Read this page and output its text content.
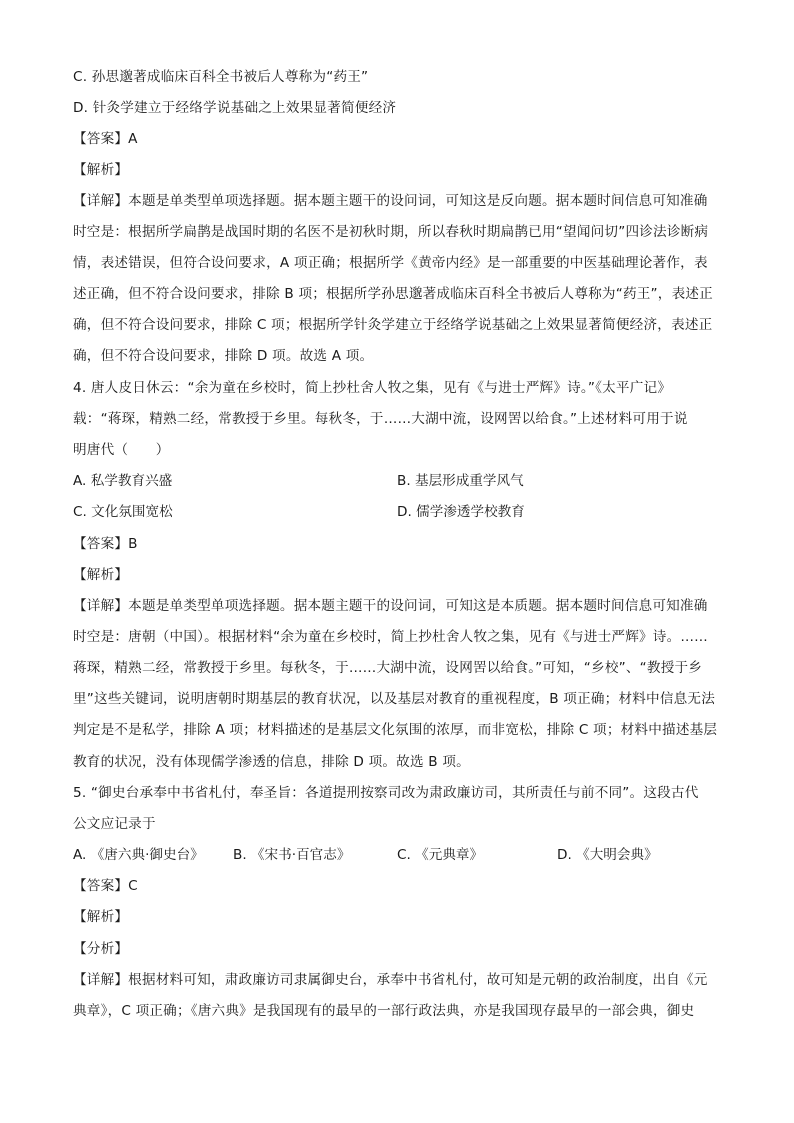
C. 孙思邈著成临床百科全书被后人尊称为“药王”
D. 针灸学建立于经络学说基础之上效果显著简便经济
【答案】A
【解析】
【详解】本题是单类型单项选择题。据本题主题干的设问词，可知这是反向题。据本题时间信息可知准确
时空是：根据所学扁鹊是战国时期的名医不是初秋时期，所以春秋时期扁鹊已用“望闻问切”四诊法诊断病
情，表述错误，但符合设问要求，A 项正确；根据所学《黄帝内经》是一部重要的中医基础理论著作，表
述正确，但不符合设问要求，排除 B 项；根据所学孙思邈著成临床百科全书被后人尊称为“药王”，表述正
确，但不符合设问要求，排除 C 项；根据所学针灸学建立于经络学说基础之上效果显著简便经济，表述正
确，但不符合设问要求，排除 D 项。故选 A 项。
4. 唐人皮日休云：“余为童在乡校时，简上抄杜舍人牧之集，见有《与进士严辉》诗。”《太平广记》
载：“蒋琛，精熟二经，常教授于乡里。每秋冬，于……大湖中流，设网罟以给食。”上述材料可用于说
明唐代（　　）
A. 私学教育兴盛	B. 基层形成重学风气
C. 文化氛围宽松	D. 儒学渗透学校教育
【答案】B
【解析】
【详解】本题是单类型单项选择题。据本题主题干的设问词，可知这是本质题。据本题时间信息可知准确
时空是：唐朝（中国）。根据材料“余为童在乡校时，简上抄杜舍人牧之集，见有《与进士严辉》诗。……
蒋琛，精熟二经，常教授于乡里。每秋冬，于……大湖中流，设网罟以给食。”可知，“乡校”、“教授于乡
里”这些关键词，说明唐朝时期基层的教育状况，以及基层对教育的重视程度，B 项正确；材料中信息无法
判定是不是私学，排除 A 项；材料描述的是基层文化氛围的浓厚，而非宽松，排除 C 项；材料中描述基层
教育的状况，没有体现儒学渗透的信息，排除 D 项。故选 B 项。
5. “御史台承奉中书省札付，奉圣旨：各道提刑按察司改为肃政廉访司，其所责任与前不同”。这段古代
公文应记录于
A. 《唐六典·御史台》 B. 《宋书·百官志》	C. 《元典章》	D. 《大明会典》
【答案】C
【解析】
【分析】
【详解】根据材料可知，肃政廉访司隶属御史台，承奉中书省札付，故可知是元朝的政治制度，出自《元
典章》，C 项正确；《唐六典》是我国现有的最早的一部行政法典，亦是我国现存最早的一部会典，御史
